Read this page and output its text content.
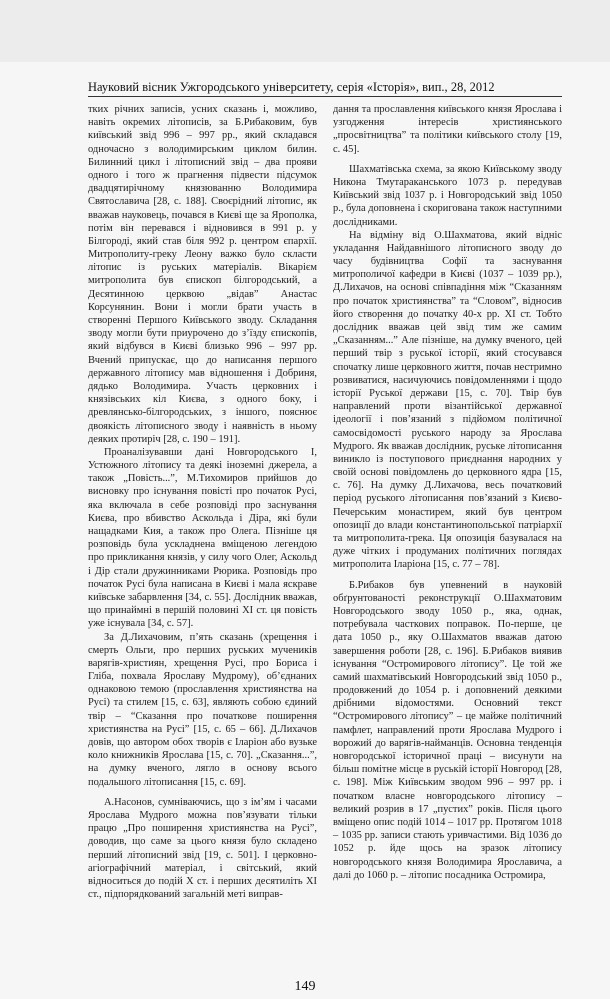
Науковий вісник Ужгородського університету, серія «Історія», вип., 28, 2012

тких річних записів, усних сказань і, можливо, навіть окремих літописів, за Б.Рибаковим, був київський звід 996 – 997 рр., який складався одночасно з володимирським циклом билин. Билинний цикл і літописний звід – два прояви одного і того ж прагнення підвести підсумок двадцятирічному князюванню Володимира Святославича [28, с. 188]. Своєрідний літопис, як вважав науковець, почався в Києві ще за Ярополка, потім він перевався і відновився в 991 р. у Білгороді, який став біля 992 р. центром єпархії. Митрополиту-греку Леону важко було скласти літопис із руських матеріалів. Вікарієм митрополита був єпископ білгородський, а Десятинною церквою „відав” Анастас Корсунянин. Вони і могли брати участь в створенні Першого Київського зводу. Складання зводу могли бути приурочено до з’їзду єпископів, який відбувся в Києві близько 996 – 997 рр. Вчений припускає, що до написання першого державного літопису мав відношення і Добриня, дядько Володимира. Участь церковних і князівських кіл Києва, з одного боку, і древлянсько-білгородських, з іншого, пояснює двоякість літописного зводу і наявність в ньому деяких протиріч [28, с. 190 – 191].

Проаналізувавши дані Новгородського I, Устюжного літопису та деякі іноземні джерела, а також „Повість...”, М.Тихомиров прийшов до висновку про існування повісті про початок Русі, яка включала в себе розповіді про заснування Києва, про вбивство Аскольда і Діра, які були нащадками Кия, а також про Олега. Пізніше ця розповідь була ускладнена вміщеною легендою про прикликання князів, у силу чого Олег, Аскольд і Дір стали дружинниками Рюрика. Розповідь про початок Русі була написана в Києві і мала яскраве київське забарвлення [34, с. 55]. Дослідник вважав, що принаймні в першій половині XI ст. ця повість уже існувала [34, с. 57].

За Д.Лихачовим, п’ять сказань (хрещення і смерть Ольги, про перших руських мучеників варягів-християн, хрещення Русі, про Бориса і Гліба, похвала Ярославу Мудрому), об’єднаних однаковою темою (прославлення християнства на Русі) та стилем [15, с. 63], являють собою єдиний твір – “Сказання про початкове поширення християнства на Русі” [15, с. 65 – 66]. Д.Лихачов довів, що автором обох творів є Іларіон або вузьке коло книжників Ярослава [15, с. 70]. „Сказання...”, на думку вченого, лягло в основу всього подальшого літописання [15, с. 69].

А.Насонов, сумніваючись, що з ім’ям і часами Ярослава Мудрого можна пов’язувати тільки працю „Про поширення християнства на Русі”, доводив, що саме за цього князя було складено перший літописний звід [19, с. 501]. І церковно-агіографічний матеріал, і світський, який відноситься до подій X ст. і перших десятиліть XI ст., підпорядкований загальній меті виправ-

дання та прославлення київського князя Ярослава і узгодження інтересів християнського „просвітництва” та політики київського столу [19, с. 45].

Шахматівська схема, за якою Київському зводу Никона Тмутараканського 1073 р. передував Київський звід 1037 р. і Новгородський звід 1050 р., була доповнена і скоригована також наступними дослідниками.

На відміну від О.Шахматова, який відніс укладання Найдавнішого літописного зводу до часу будівництва Софії та заснування митрополичої кафедри в Києві (1037 – 1039 рр.), Д.Лихачов, на основі співпадіння між “Сказанням про початок християнства” та “Словом”, відносив його створення до початку 40-х рр. XI ст. Тобто дослідник вважав цей звід тим же самим „Сказанням...” Але пізніше, на думку вченого, цей перший твір з руської історії, який стосувався спочатку лише церковного життя, почав нестримно розвиватися, насичуючись повідомленнями і щодо історії Руської держави [15, с. 70]. Твір був направлений проти візантійської державної ідеології і пов’язаний з підйомом політичної самосвідомості руського народу за Ярослава Мудрого. Як вважав дослідник, руське літописання виникло із поступового приєднання народних у своїй основі повідомлень до церковного ядра [15, с. 76]. На думку Д.Лихачова, весь початковий період руського літописання пов’язаний з Києво-Печерським монастирем, який був центром опозиції до влади константинопольської патріархії та митрополита-грека. Ця опозиція базувалася на дуже чітких і продуманих політичних поглядах митрополита Іларіона [15, с. 77 – 78].

Б.Рибаков був упевнений в науковій обґрунтованості реконструкції О.Шахматовим Новгородського зводу 1050 р., яка, однак, потребувала часткових поправок. По-перше, це дата 1050 р., яку О.Шахматов вважав датою завершення роботи [28, с. 196]. Б.Рибаков виявив існування “Остромирового літопису”. Це той же самий шахматівський Новгородський звід 1050 р., продовжений до 1054 р. і доповнений деякими дрібними відомостями. Основний текст “Остромирового літопису” – це майже політичний памфлет, направлений проти Ярослава Мудрого і ворожий до варягів-найманців. Основна тенденція новгородської історичної праці – висунути на більш помітне місце в руській історії Новгород [28, с. 198]. Між Київським зводом 996 – 997 рр. і початком власне новгородського літопису – великий розрив в 17 „пустих” років. Після цього вміщено опис подій 1014 – 1017 рр. Протягом 1018 – 1035 рр. записи стають уривчастими. Від 1036 до 1052 р. йде щось на зразок літопису новгородського князя Володимира Ярославича, а далі до 1060 р. – літопис посадника Остромира,

149
